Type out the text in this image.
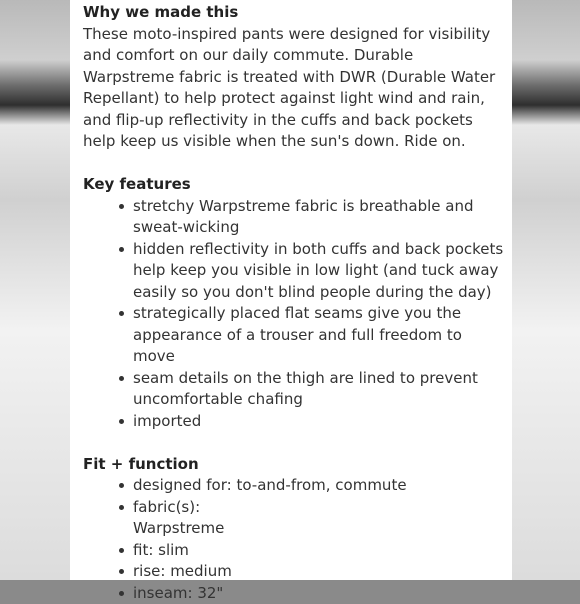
Why we made this

These moto-inspired pants were designed for visibility and comfort on our daily commute. Durable Warpstreme fabric is treated with DWR (Durable Water Repellant) to help protect against light wind and rain, and flip-up reflectivity in the cuffs and back pockets help keep us visible when the sun's down. Ride on.

Key features
stretchy Warpstreme fabric is breathable and sweat-wicking
hidden reflectivity in both cuffs and back pockets help keep you visible in low light (and tuck away easily so you don't blind people during the day)
strategically placed flat seams give you the appearance of a trouser and full freedom to move
seam details on the thigh are lined to prevent uncomfortable chafing
imported
Fit + function
designed for: to-and-from, commute
fabric(s):
Warpstreme
fit: slim
rise: medium
inseam: 32"
